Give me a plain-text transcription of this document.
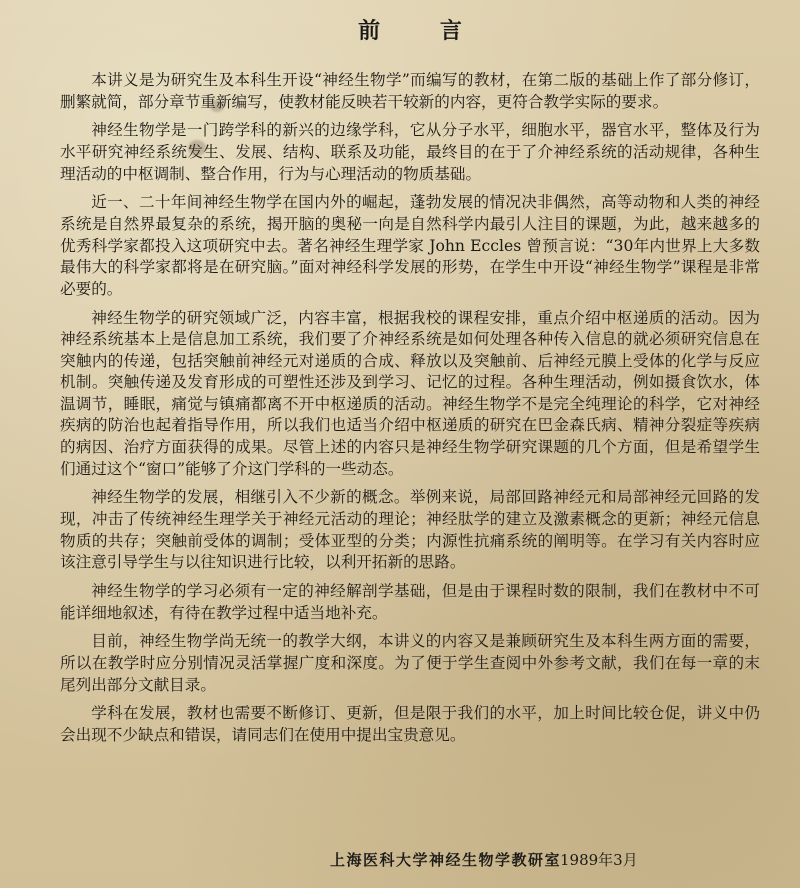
前 言

本讲义是为研究生及本科生开设“神经生物学”而编写的教材，在第二版的基础上作了部分修订，删繁就简，部分章节重新编写，使教材能反映若干较新的内容，更符合教学实际的要求。

神经生物学是一门跨学科的新兴的边缘学科，它从分子水平，细胞水平，器官水平，整体及行为水平研究神经系统发生、发展、结构、联系及功能，最终目的在于了介神经系统的活动规律，各种生理活动的中枢调制、整合作用，行为与心理活动的物质基础。

近一、二十年间神经生物学在国内外的崛起，蓬勃发展的情况决非偶然，高等动物和人类的神经系统是自然界最复杂的系统，揭开脑的奥秘一向是自然科学内最引人注目的课题，为此，越来越多的优秀科学家都投入这项研究中去。著名神经生理学家 John Eccles 曾预言说：“30年内世界上大多数最伟大的科学家都将是在研究脑。”面对神经科学发展的形势，在学生中开设“神经生物学”课程是非常必要的。

神经生物学的研究领域广泛，内容丰富，根据我校的课程安排，重点介绍中枢递质的活动。因为神经系统基本上是信息加工系统，我们要了介神经系统是如何处理各种传入信息的就必须研究信息在突触内的传递，包括突触前神经元对递质的合成、释放以及突触前、后神经元膜上受体的化学与反应机制。突触传递及发育形成的可塑性还涉及到学习、记忆的过程。各种生理活动，例如摄食饮水，体温调节，睡眠，痛觉与镇痛都离不开中枢递质的活动。神经生物学不是完全纯理论的科学，它对神经疾病的防治也起着指导作用，所以我们也适当介绍中枢递质的研究在巴金森氏病、精神分裂症等疾病的病因、治疗方面获得的成果。尽管上述的内容只是神经生物学研究课题的几个方面，但是希望学生们通过这个“窗口”能够了介这门学科的一些动态。

神经生物学的发展，相继引入不少新的概念。举例来说，局部回路神经元和局部神经元回路的发现，冲击了传统神经生理学关于神经元活动的理论；神经肽学的建立及激素概念的更新；神经元信息物质的共存；突触前受体的调制；受体亚型的分类；内源性抗痛系统的阐明等。在学习有关内容时应该注意引导学生与以往知识进行比较，以利开拓新的思路。

神经生物学的学习必须有一定的神经解剖学基础，但是由于课程时数的限制，我们在教材中不可能详细地叙述，有待在教学过程中适当地补充。

目前，神经生物学尚无统一的教学大纲，本讲义的内容又是兼顾研究生及本科生两方面的需要，所以在教学时应分别情况灵活掌握广度和深度。为了便于学生查阅中外参考文献，我们在每一章的末尾列出部分文献目录。

学科在发展，教材也需要不断修订、更新，但是限于我们的水平，加上时间比较仓促，讲义中仍会出现不少缺点和错误，请同志们在使用中提出宝贵意见。

上海医科大学神经生物学教研室
1989年3月
